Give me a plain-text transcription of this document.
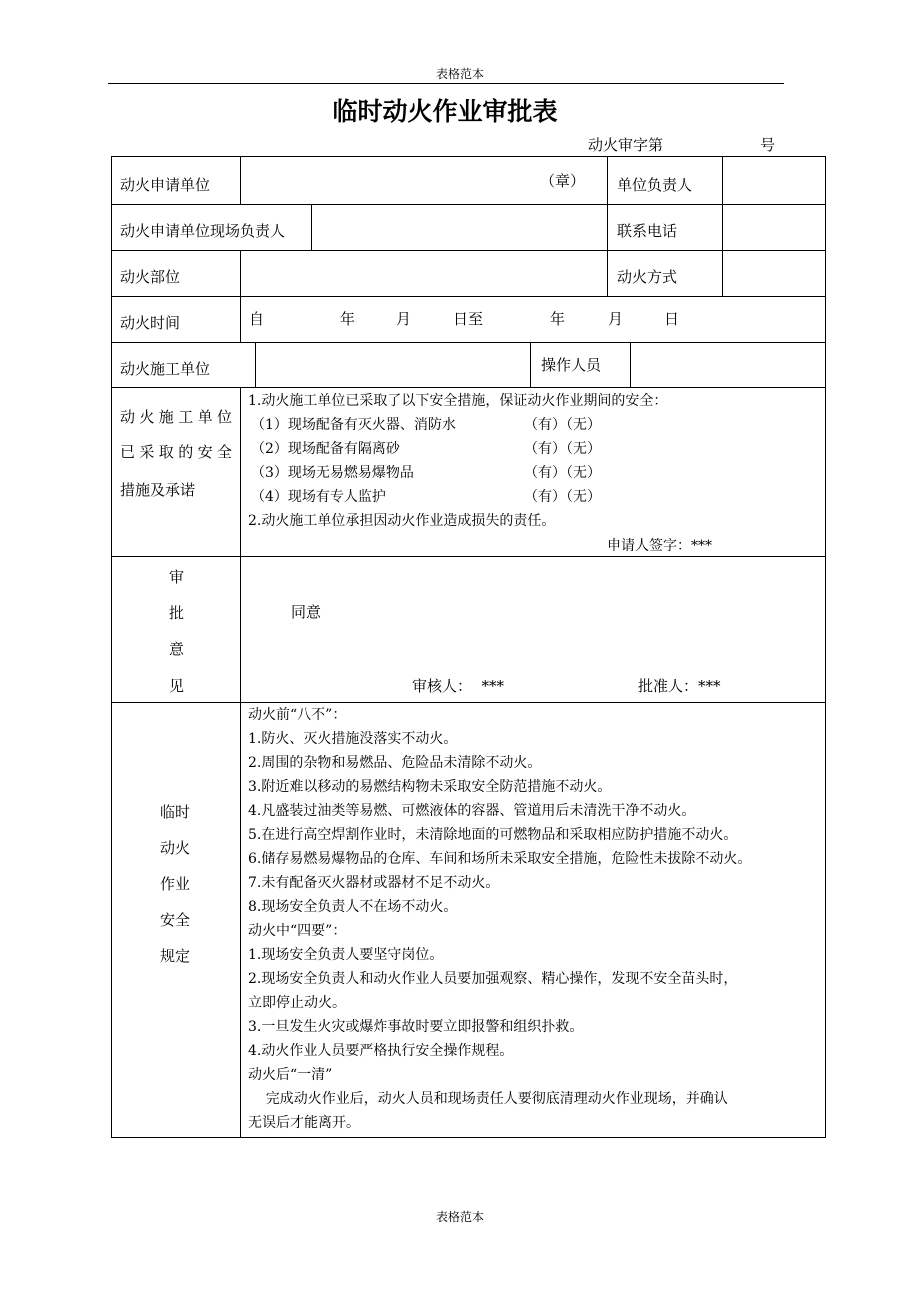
表格范本
临时动火作业审批表
动火审字第	号
动火申请单位	（章） 单位负责人
动火申请单位现场负责人	联系电话
动火部位	动火方式
动火时间	自	年	月	日至	年	月	日
动火施工单位	操作人员
动火施工单位
已采取的安全
措施及承诺
1.动火施工单位已采取了以下安全措施，保证动火作业期间的安全：
（1）现场配备有灭火器、消防水	（有）（无）
（2）现场配备有隔离砂	（有）（无）
（3）现场无易燃易爆物品	（有）（无）
（4）现场有专人监护	（有）（无）
2.动火施工单位承担因动火作业造成损失的责任。
申请人签字：***
审
批
意
见
同意
审核人：  ***	批准人：***
临时
动火
作业
安全
规定
动火前“八不”：
1.防火、灭火措施没落实不动火。
2.周围的杂物和易燃品、危险品未清除不动火。
3.附近难以移动的易燃结构物未采取安全防范措施不动火。
4.凡盛装过油类等易燃、可燃液体的容器、管道用后未清洗干净不动火。
5.在进行高空焊割作业时，未清除地面的可燃物品和采取相应防护措施不动火。
6.储存易燃易爆物品的仓库、车间和场所未采取安全措施，危险性未拔除不动火。
7.未有配备灭火器材或器材不足不动火。
8.现场安全负责人不在场不动火。
动火中“四要”：
1.现场安全负责人要坚守岗位。
2.现场安全负责人和动火作业人员要加强观察、精心操作，发现不安全苗头时，
立即停止动火。
3.一旦发生火灾或爆炸事故时要立即报警和组织扑救。
4.动火作业人员要严格执行安全操作规程。
动火后“一清”
完成动火作业后，动火人员和现场责任人要彻底清理动火作业现场，并确认
无误后才能离开。
表格范本
